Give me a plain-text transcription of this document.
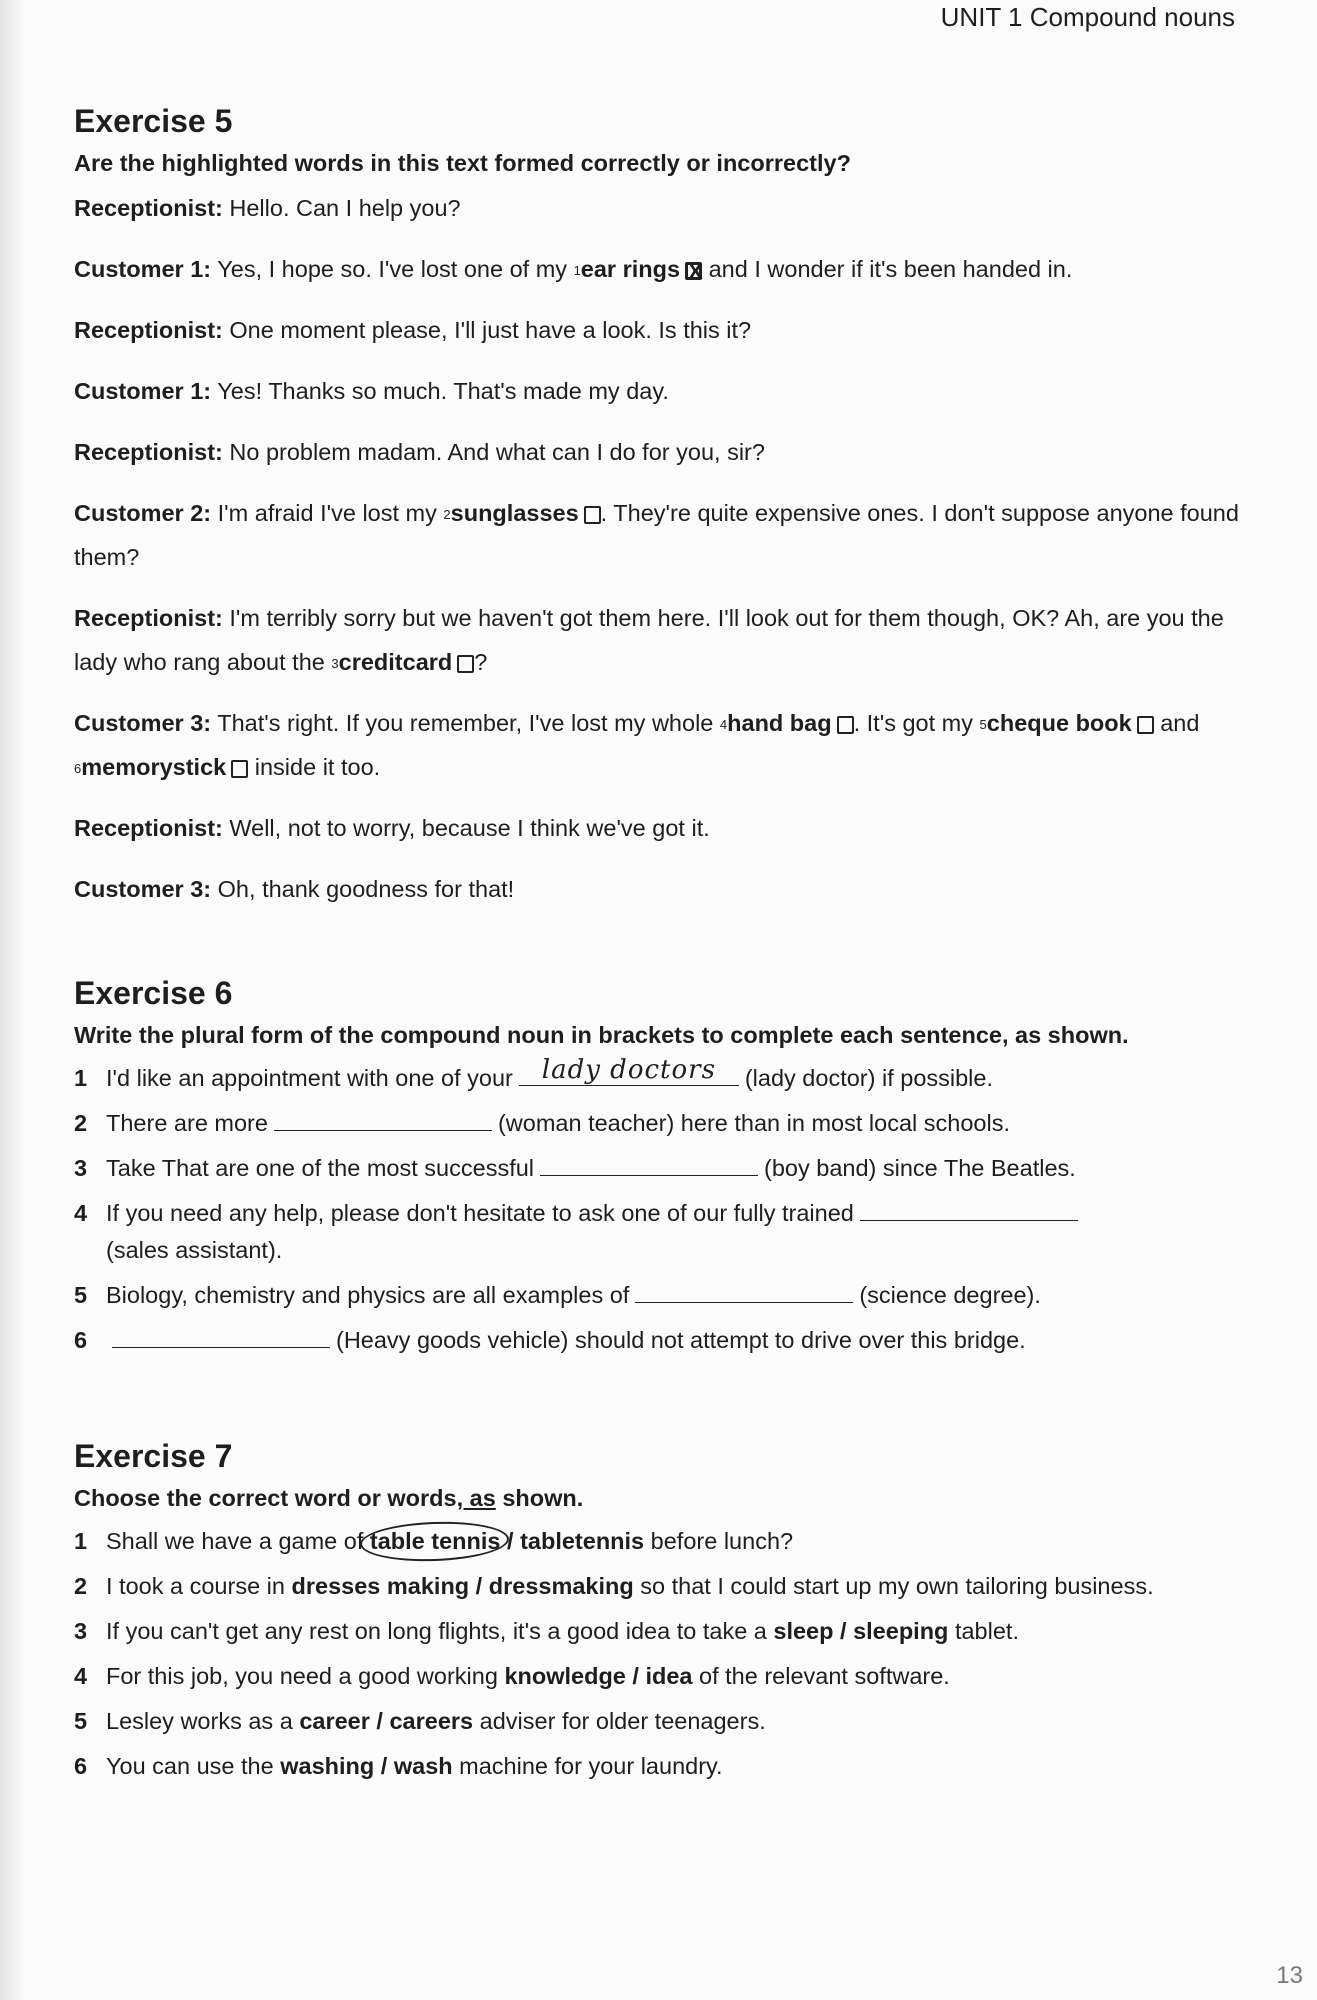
UNIT 1 Compound nouns
Exercise 5

Are the highlighted words in this text formed correctly or incorrectly?

Receptionist: Hello. Can I help you?
Customer 1: Yes, I hope so. I've lost one of my $^1$ear rings X and I wonder if it's been handed in.
Receptionist: One moment please, I'll just have a look. Is this it?
Customer 1: Yes! Thanks so much. That's made my day.
Receptionist: No problem madam. And what can I do for you, sir?
Customer 2: I'm afraid I've lost my $^2$sunglasses . They're quite expensive ones. I don't suppose anyone found them?
Receptionist: I'm terribly sorry but we haven't got them here. I'll look out for them though, OK? Ah, are you the lady who rang about the $^3$creditcard ?
Customer 3: That's right. If you remember, I've lost my whole $^4$hand bag . It's got my $^5$cheque book and $^6$memorystick inside it too.
Receptionist: Well, not to worry, because I think we've got it.
Customer 3: Oh, thank goodness for that!
Exercise 6

Write the plural form of the compound noun in brackets to complete each sentence, as shown.

1 I'd like an appointment with one of your	lady doctors	(lady doctor) if possible.
2 There are more	(woman teacher) here than in most local schools.
3 Take That are one of the most successful	(boy band) since The Beatles.
4 If you need any help, please don't hesitate to ask one of our fully trained
(sales assistant).
5 Biology, chemistry and physics are all examples of	(science degree).
6	(Heavy goods vehicle) should not attempt to drive over this bridge.
Exercise 7

Choose the correct word or words, as shown.

1 Shall we have a game of table tennis / tabletennis before lunch?
2 I took a course in dresses making / dressmaking so that I could start up my own tailoring business.
3 If you can't get any rest on long flights, it's a good idea to take a sleep / sleeping tablet.
4 For this job, you need a good working knowledge / idea of the relevant software.
5 Lesley works as a career / careers adviser for older teenagers.
6 You can use the washing / wash machine for your laundry.
13
